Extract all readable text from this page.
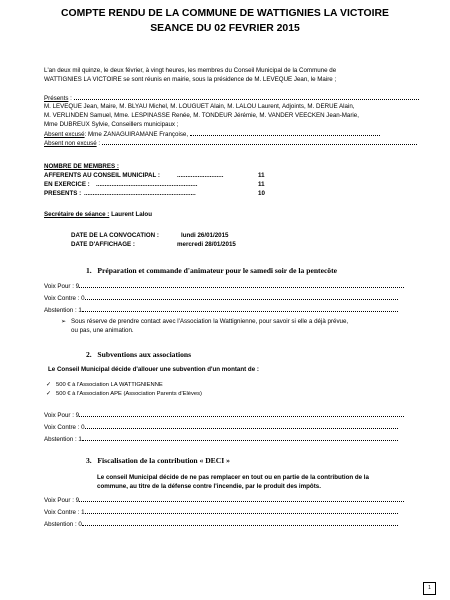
COMPTE RENDU DE LA COMMUNE DE WATTIGNIES LA VICTOIRE
SEANCE DU 02 FEVRIER 2015
L'an deux mil quinze, le deux février, à vingt heures, les membres du Conseil Municipal de la Commune de
WATTIGNIES LA VICTOIRE se sont réunis en mairie, sous la présidence de M. LEVEQUE Jean, le Maire ;
Présents :
M. LEVEQUE Jean, Maire, M. BLYAU Michel, M. LOUGUET Alain, M. LALOU Laurent, Adjoints, M. DERUE Alain,
M. VERLINDEN Samuel, Mme. LESPINASSE Renée, M. TONDEUR Jérémie, M. VANDER VEECKEN Jean-Marie,
Mme DUBREUX Sylvie, Conseillers municipaux ;
Absent excusé: Mme ZANAGUIRAMANE Françoise,
Absent non excusé :
NOMBRE DE MEMBRES :
AFFERENTS AU CONSEIL MUNICIPAL :	...........................	11
EN EXERCICE : ...........................................................	11
PRESENTS : .................................................................	10
Secrétaire de séance : Laurent Lalou
DATE DE LA CONVOCATION :	lundi 26/01/2015
DATE D'AFFICHAGE :	mercredi 28/01/2015
1. Préparation et commande d'animateur pour le samedi soir de la pentecôte
Voix Pour : 9
Voix Contre : 0
Abstention : 1
➢ Sous réserve de prendre contact avec l'Association la Wattignienne, pour savoir si elle a déjà prévue,
ou pas, une animation.
2. Subventions aux associations
Le Conseil Municipal décide d'allouer une subvention d'un montant de :
✓ 500 € à l'Association LA WATTIGNIENNE
✓ 500 € à l'Association APE (Association Parents d'Elèves)
Voix Pour : 9
Voix Contre : 0
Abstention : 1
3. Fiscalisation de la contribution « DECI »
Le conseil Municipal décide de ne pas remplacer en tout ou en partie de la contribution de la
commune, au titre de la défense contre l'incendie, par le produit des impôts.
Voix Pour : 9
Voix Contre : 1
Abstention : 0
1
